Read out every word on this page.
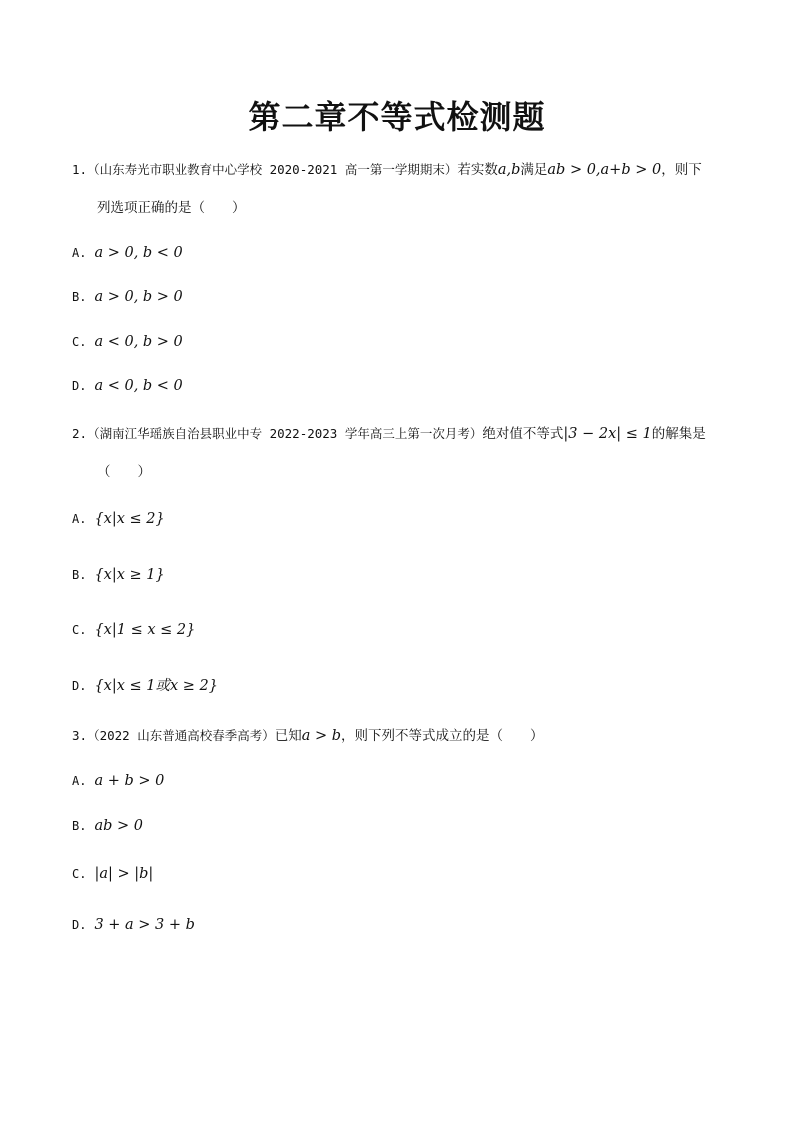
第二章不等式检测题
1.（山东寿光市职业教育中心学校 2020-2021 高一第一学期期末）若实数a,b满足ab > 0,a+b > 0，则下
列选项正确的是（　　）
A. a > 0, b < 0
B. a > 0, b > 0
C. a < 0, b > 0
D. a < 0, b < 0
2.（湖南江华瑶族自治县职业中专 2022-2023 学年高三上第一次月考）绝对值不等式|3 − 2x| ≤ 1的解集是
（　　）
A. {x|x ≤ 2}
B. {x|x ≥ 1}
C. {x|1 ≤ x ≤ 2}
D. {x|x ≤ 1或x ≥ 2}
3.（2022 山东普通高校春季高考）已知a > b，则下列不等式成立的是（　　）
A. a + b > 0
B. ab > 0
C. |a| > |b|
D. 3 + a > 3 + b
